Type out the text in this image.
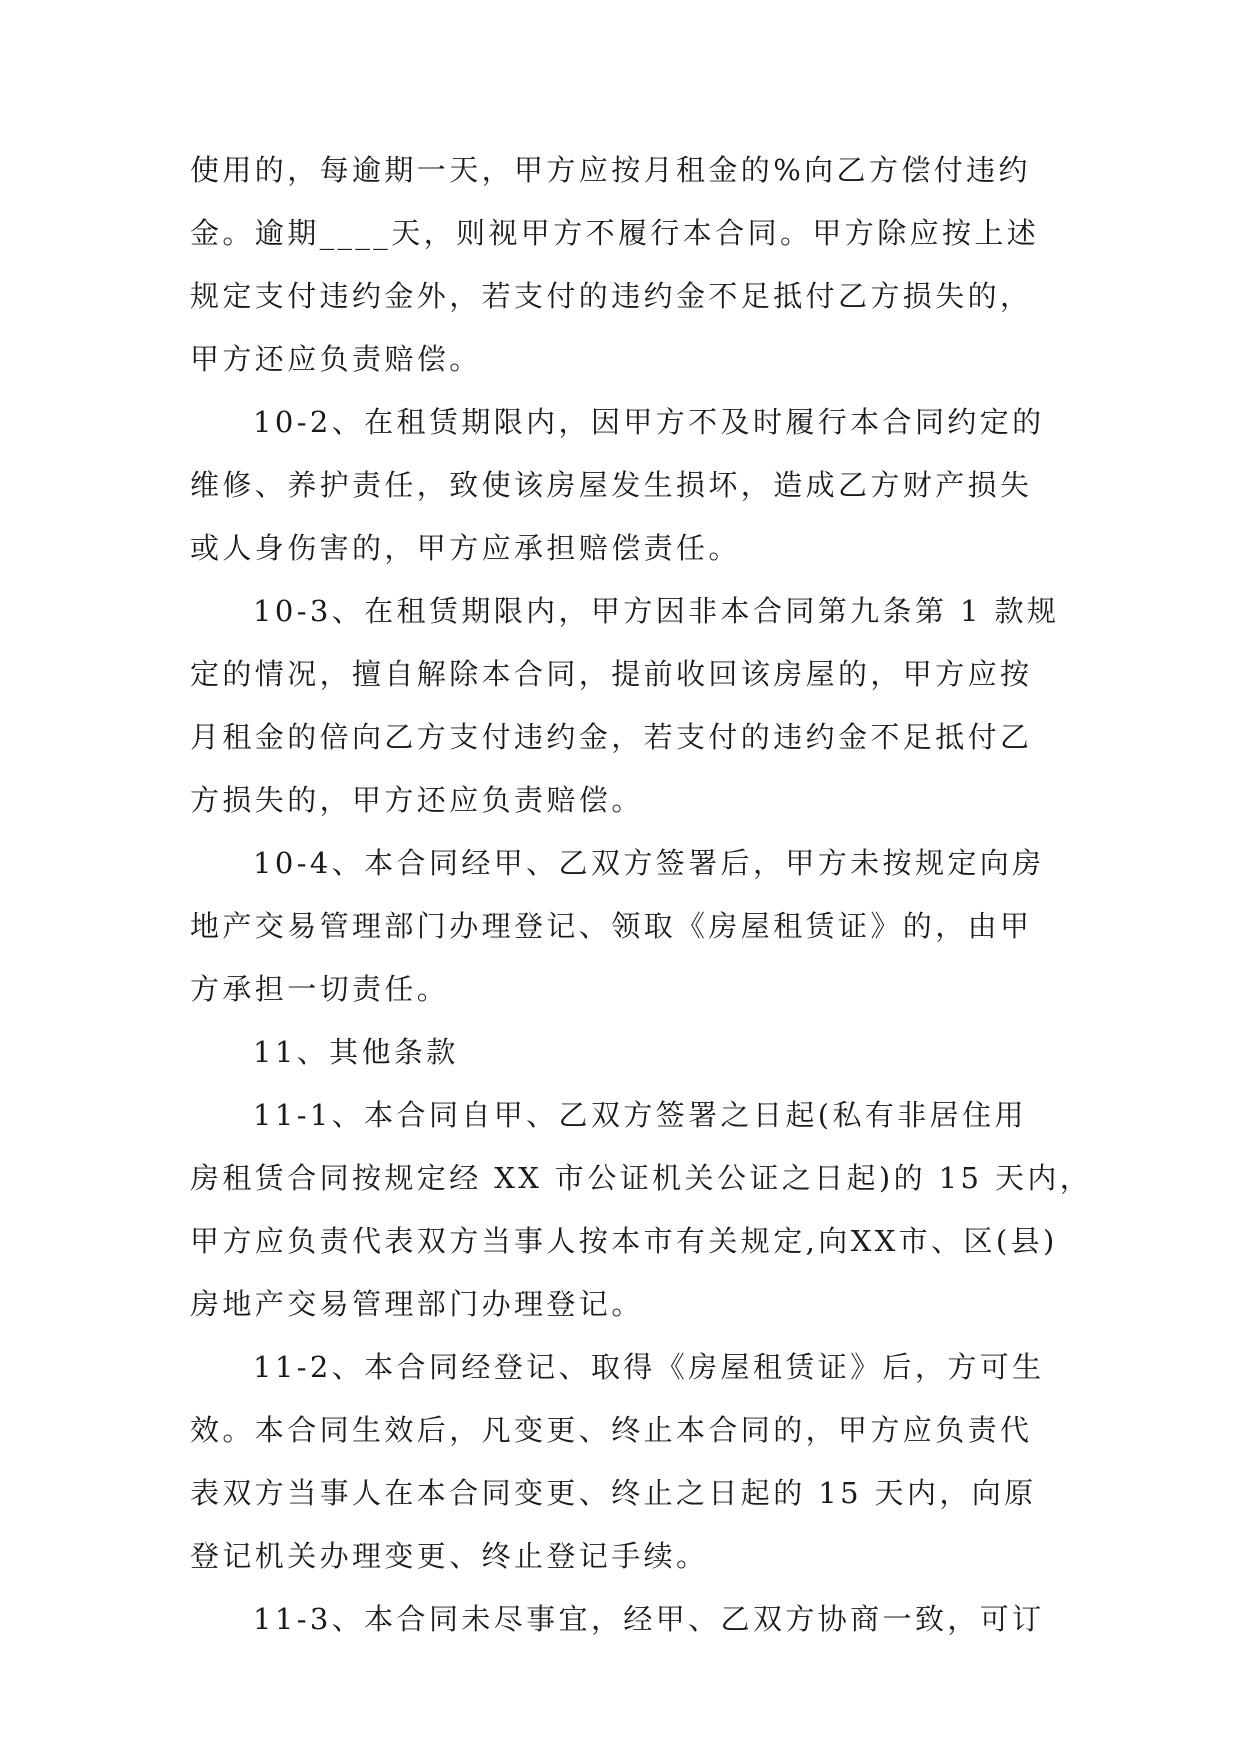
使用的，每逾期一天，甲方应按月租金的%向乙方偿付违约
金。逾期____天，则视甲方不履行本合同。甲方除应按上述
规定支付违约金外，若支付的违约金不足抵付乙方损失的，
甲方还应负责赔偿。
10-2、在租赁期限内，因甲方不及时履行本合同约定的
维修、养护责任，致使该房屋发生损坏，造成乙方财产损失
或人身伤害的，甲方应承担赔偿责任。
10-3、在租赁期限内，甲方因非本合同第九条第 1 款规
定的情况，擅自解除本合同，提前收回该房屋的，甲方应按
月租金的倍向乙方支付违约金，若支付的违约金不足抵付乙
方损失的，甲方还应负责赔偿。
10-4、本合同经甲、乙双方签署后，甲方未按规定向房
地产交易管理部门办理登记、领取《房屋租赁证》的，由甲
方承担一切责任。
11、其他条款
11-1、本合同自甲、乙双方签署之日起(私有非居住用
房租赁合同按规定经 XX 市公证机关公证之日起)的 15 天内，
甲方应负责代表双方当事人按本市有关规定,向XX市、区(县)
房地产交易管理部门办理登记。
11-2、本合同经登记、取得《房屋租赁证》后，方可生
效。本合同生效后，凡变更、终止本合同的，甲方应负责代
表双方当事人在本合同变更、终止之日起的 15 天内，向原
登记机关办理变更、终止登记手续。
11-3、本合同未尽事宜，经甲、乙双方协商一致，可订
